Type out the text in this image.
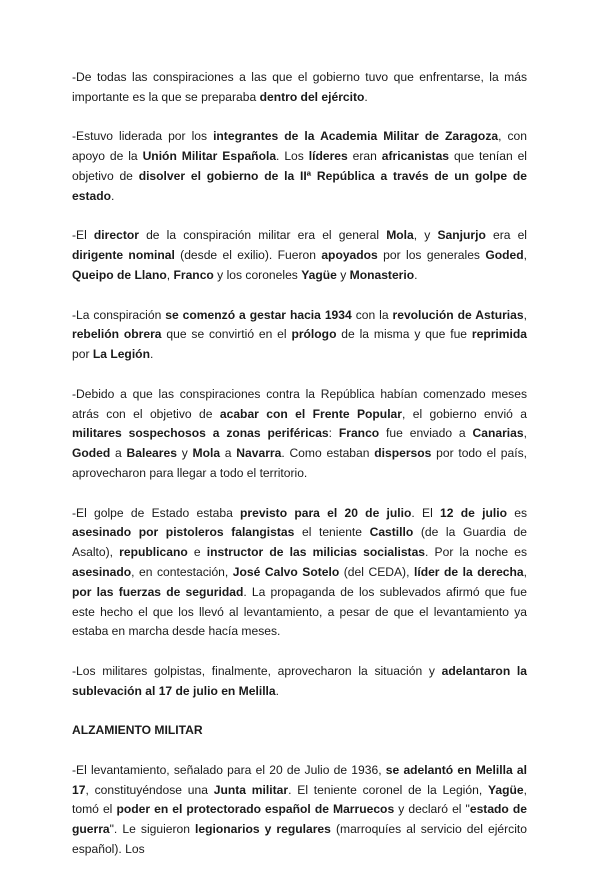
-De todas las conspiraciones a las que el gobierno tuvo que enfrentarse, la más importante es la que se preparaba dentro del ejército.

-Estuvo liderada por los integrantes de la Academia Militar de Zaragoza, con apoyo de la Unión Militar Española. Los líderes eran africanistas que tenían el objetivo de disolver el gobierno de la IIª República a través de un golpe de estado.

-El director de la conspiración militar era el general Mola, y Sanjurjo era el dirigente nominal (desde el exilio). Fueron apoyados por los generales Goded, Queipo de Llano, Franco y los coroneles Yagüe y Monasterio.

-La conspiración se comenzó a gestar hacia 1934 con la revolución de Asturias, rebelión obrera que se convirtió en el prólogo de la misma y que fue reprimida por La Legión.

-Debido a que las conspiraciones contra la República habían comenzado meses atrás con el objetivo de acabar con el Frente Popular, el gobierno envió a militares sospechosos a zonas periféricas: Franco fue enviado a Canarias, Goded a Baleares y Mola a Navarra. Como estaban dispersos por todo el país, aprovecharon para llegar a todo el territorio.

-El golpe de Estado estaba previsto para el 20 de julio. El 12 de julio es asesinado por pistoleros falangistas el teniente Castillo (de la Guardia de Asalto), republicano e instructor de las milicias socialistas. Por la noche es asesinado, en contestación, José Calvo Sotelo (del CEDA), líder de la derecha, por las fuerzas de seguridad. La propaganda de los sublevados afirmó que fue este hecho el que los llevó al levantamiento, a pesar de que el levantamiento ya estaba en marcha desde hacía meses.

-Los militares golpistas, finalmente, aprovecharon la situación y adelantaron la sublevación al 17 de julio en Melilla.

ALZAMIENTO MILITAR

-El levantamiento, señalado para el 20 de Julio de 1936, se adelantó en Melilla al 17, constituyéndose una Junta militar. El teniente coronel de la Legión, Yagüe, tomó el poder en el protectorado español de Marruecos y declaró el "estado de guerra". Le siguieron legionarios y regulares (marroquíes al servicio del ejército español). Los
